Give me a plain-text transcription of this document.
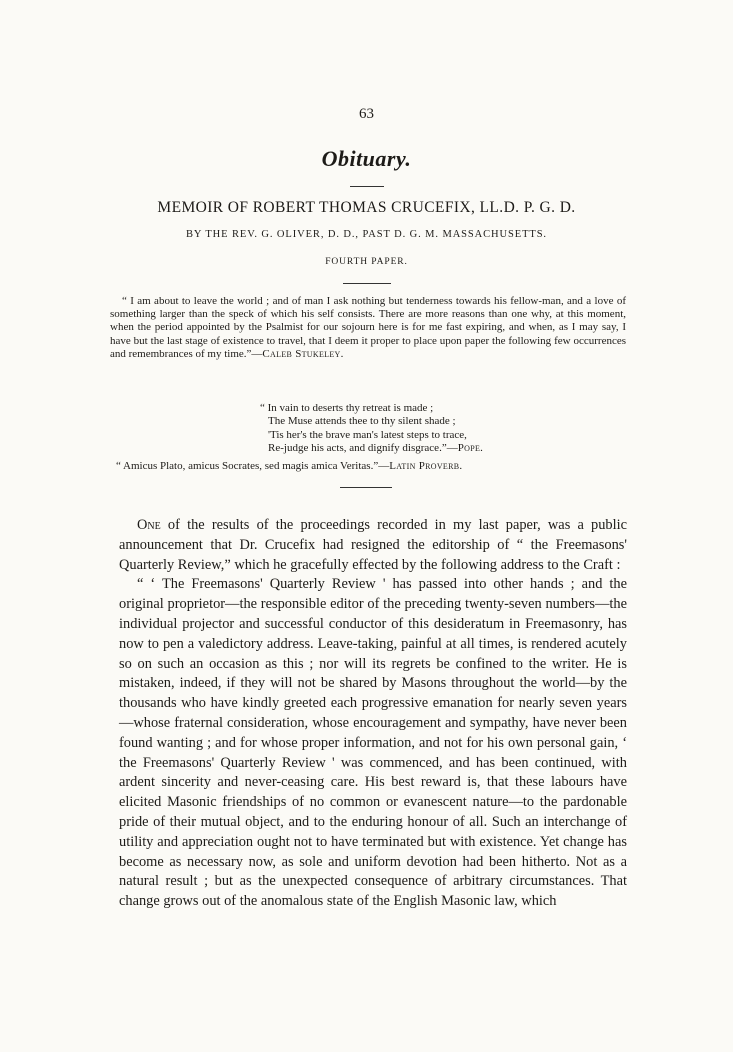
63
Obituary.
MEMOIR OF ROBERT THOMAS CRUCEFIX, LL.D. P. G. D.
BY THE REV. G. OLIVER, D. D., PAST D. G. M. MASSACHUSETTS.
FOURTH PAPER.
“ I am about to leave the world ; and of man I ask nothing but tenderness towards his fellow-man, and a love of something larger than the speck of which his self consists. There are more reasons than one why, at this moment, when the period appointed by the Psalmist for our sojourn here is for me fast expiring, and when, as I may say, I have but the last stage of existence to travel, that I deem it proper to place upon paper the following few occurrences and remembrances of my time.”—Caleb Stukeley.
“ In vain to deserts thy retreat is made ;
The Muse attends thee to thy silent shade ;
'Tis her's the brave man's latest steps to trace,
Re-judge his acts, and dignify disgrace.”—Pope.
“ Amicus Plato, amicus Socrates, sed magis amica Veritas.”—Latin Proverb.

One of the results of the proceedings recorded in my last paper, was a public announcement that Dr. Crucefix had resigned the editorship of “ the Freemasons' Quarterly Review,” which he gracefully effected by the following address to the Craft :

“ ‘ The Freemasons' Quarterly Review ' has passed into other hands ; and the original proprietor—the responsible editor of the preceding twenty-seven numbers—the individual projector and successful conductor of this desideratum in Freemasonry, has now to pen a valedictory address. Leave-taking, painful at all times, is rendered acutely so on such an occasion as this ; nor will its regrets be confined to the writer. He is mistaken, indeed, if they will not be shared by Masons throughout the world—by the thousands who have kindly greeted each progressive emanation for nearly seven years—whose fraternal consideration, whose encouragement and sympathy, have never been found wanting ; and for whose proper information, and not for his own personal gain, ‘ the Freemasons' Quarterly Review ' was commenced, and has been continued, with ardent sincerity and never-ceasing care. His best reward is, that these labours have elicited Masonic friendships of no common or evanescent nature—to the pardonable pride of their mutual object, and to the enduring honour of all. Such an interchange of utility and appreciation ought not to have terminated but with existence. Yet change has become as necessary now, as sole and uniform devotion had been hitherto. Not as a natural result ; but as the unexpected consequence of arbitrary circumstances. That change grows out of the anomalous state of the English Masonic law, which
